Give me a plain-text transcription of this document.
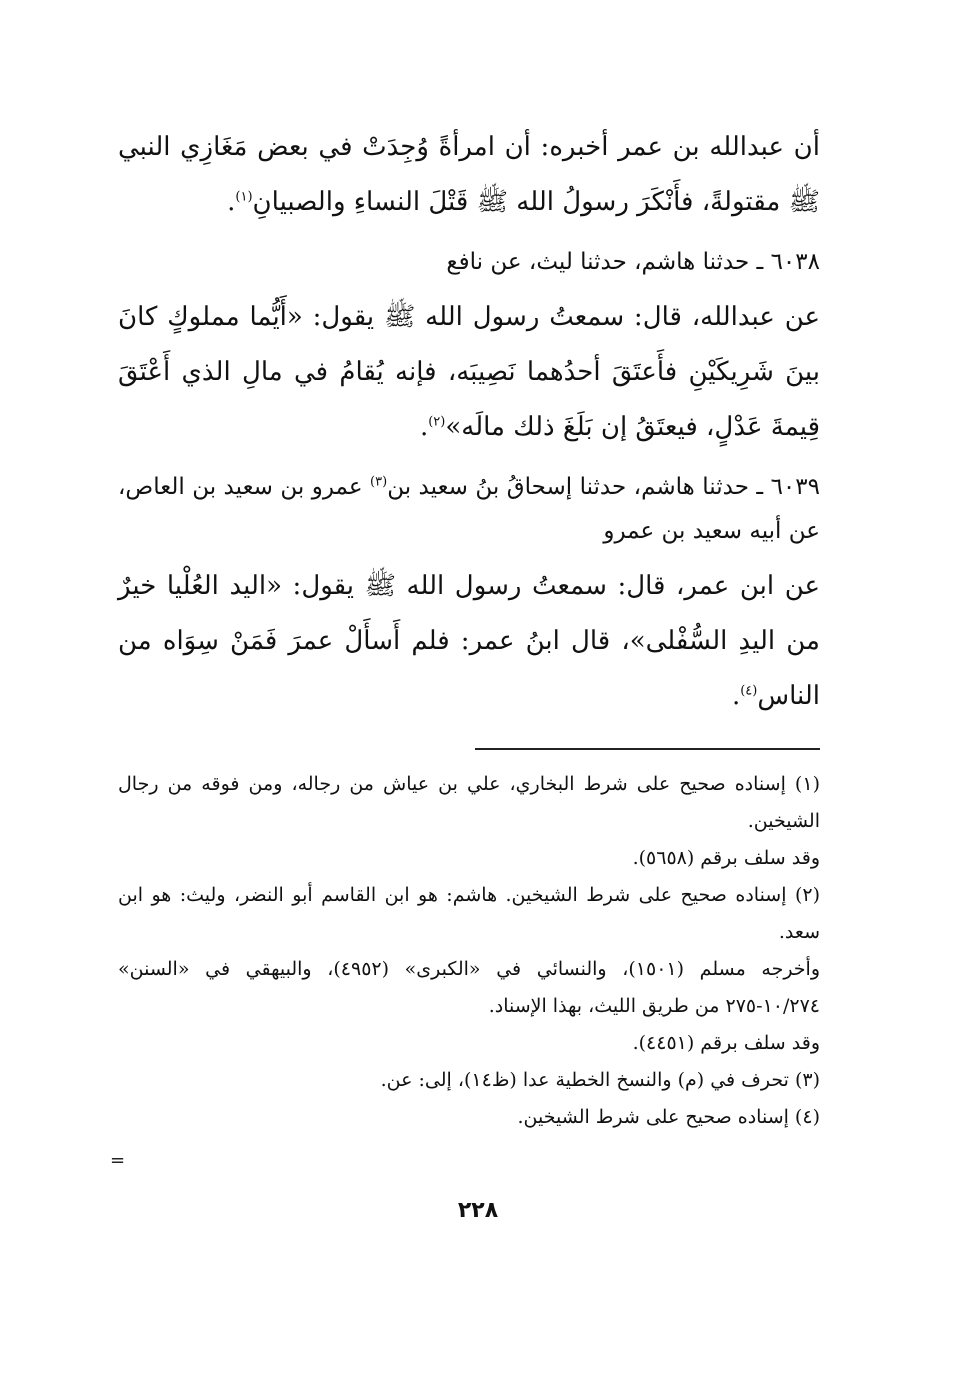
أن عبدالله بن عمر أخبره: أن امرأةً وُجِدَتْ في بعض مَغَازِي النبي ﷺ مقتولةً، فأَنْكَرَ رسولُ الله ﷺ قَتْلَ النساءِ والصبيانِ$^{(١)}$.

٦٠٣٨ ـ حدثنا هاشم، حدثنا ليث، عن نافع

عن عبدالله، قال: سمعتُ رسول الله ﷺ يقول: «أَيُّما مملوكٍ كانَ بينَ شَرِيكَيْنِ فأَعتَقَ أحدُهما نَصِيبَه، فإنه يُقامُ في مالِ الذي أَعْتَقَ قِيمةَ عَدْلٍ، فيعتَقُ إن بَلَغَ ذلك مالَه»$^{(٢)}$.

٦٠٣٩ ـ حدثنا هاشم، حدثنا إسحاقُ بنُ سعيد بن$^{(٣)}$ عمرو بن سعيد بن العاص، عن أبيه سعيد بن عمرو

عن ابن عمر، قال: سمعتُ رسول الله ﷺ يقول: «اليد العُلْيا خيرٌ من اليدِ السُّفْلى»، قال ابنُ عمر: فلم أَسأَلْ عمرَ فَمَنْ سِوَاه من الناس$^{(٤)}$.

(١) إسناده صحيح على شرط البخاري، علي بن عياش من رجاله، ومن فوقه من رجال الشيخين.

وقد سلف برقم (٥٦٥٨).

(٢) إسناده صحيح على شرط الشيخين. هاشم: هو ابن القاسم أبو النضر، وليث: هو ابن سعد.

وأخرجه مسلم (١٥٠١)، والنسائي في «الكبرى» (٤٩٥٢)، والبيهقي في «السنن» ١٠/٢٧٤-٢٧٥ من طريق الليث، بهذا الإسناد.

وقد سلف برقم (٤٤٥١).

(٣) تحرف في (م) والنسخ الخطية عدا (ظ١٤)، إلى: عن.

(٤) إسناده صحيح على شرط الشيخين.

=
٢٢٨
